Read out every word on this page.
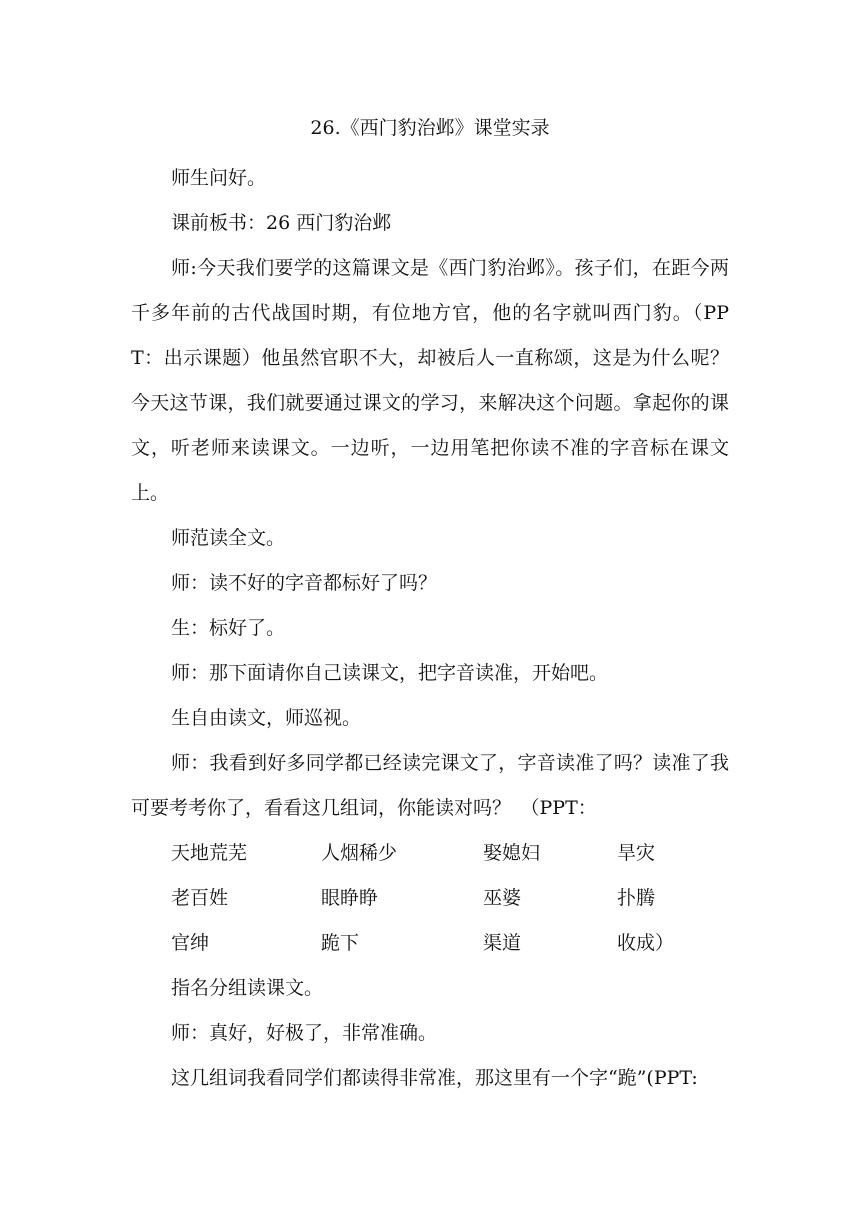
26.《西门豹治邺》课堂实录

师生问好。

课前板书：26 西门豹治邺

师:今天我们要学的这篇课文是《西门豹治邺》。孩子们，在距今两千多年前的古代战国时期，有位地方官，他的名字就叫西门豹。（PPT：出示课题）他虽然官职不大，却被后人一直称颂，这是为什么呢？今天这节课，我们就要通过课文的学习，来解决这个问题。拿起你的课文，听老师来读课文。一边听，一边用笔把你读不准的字音标在课文上。

师范读全文。

师：读不好的字音都标好了吗？

生：标好了。

师：那下面请你自己读课文，把字音读准，开始吧。

生自由读文，师巡视。

师：我看到好多同学都已经读完课文了，字音读准了吗？读准了我可要考考你了，看看这几组词，你能读对吗？　（PPT：

天地荒芜	人烟稀少	娶媳妇	旱灾
老百姓	眼睁睁	巫婆	扑腾
官绅	跪下	渠道	收成）

指名分组读课文。

师：真好，好极了，非常准确。

这几组词我看同学们都读得非常准，那这里有一个字“跪”(PPT:
